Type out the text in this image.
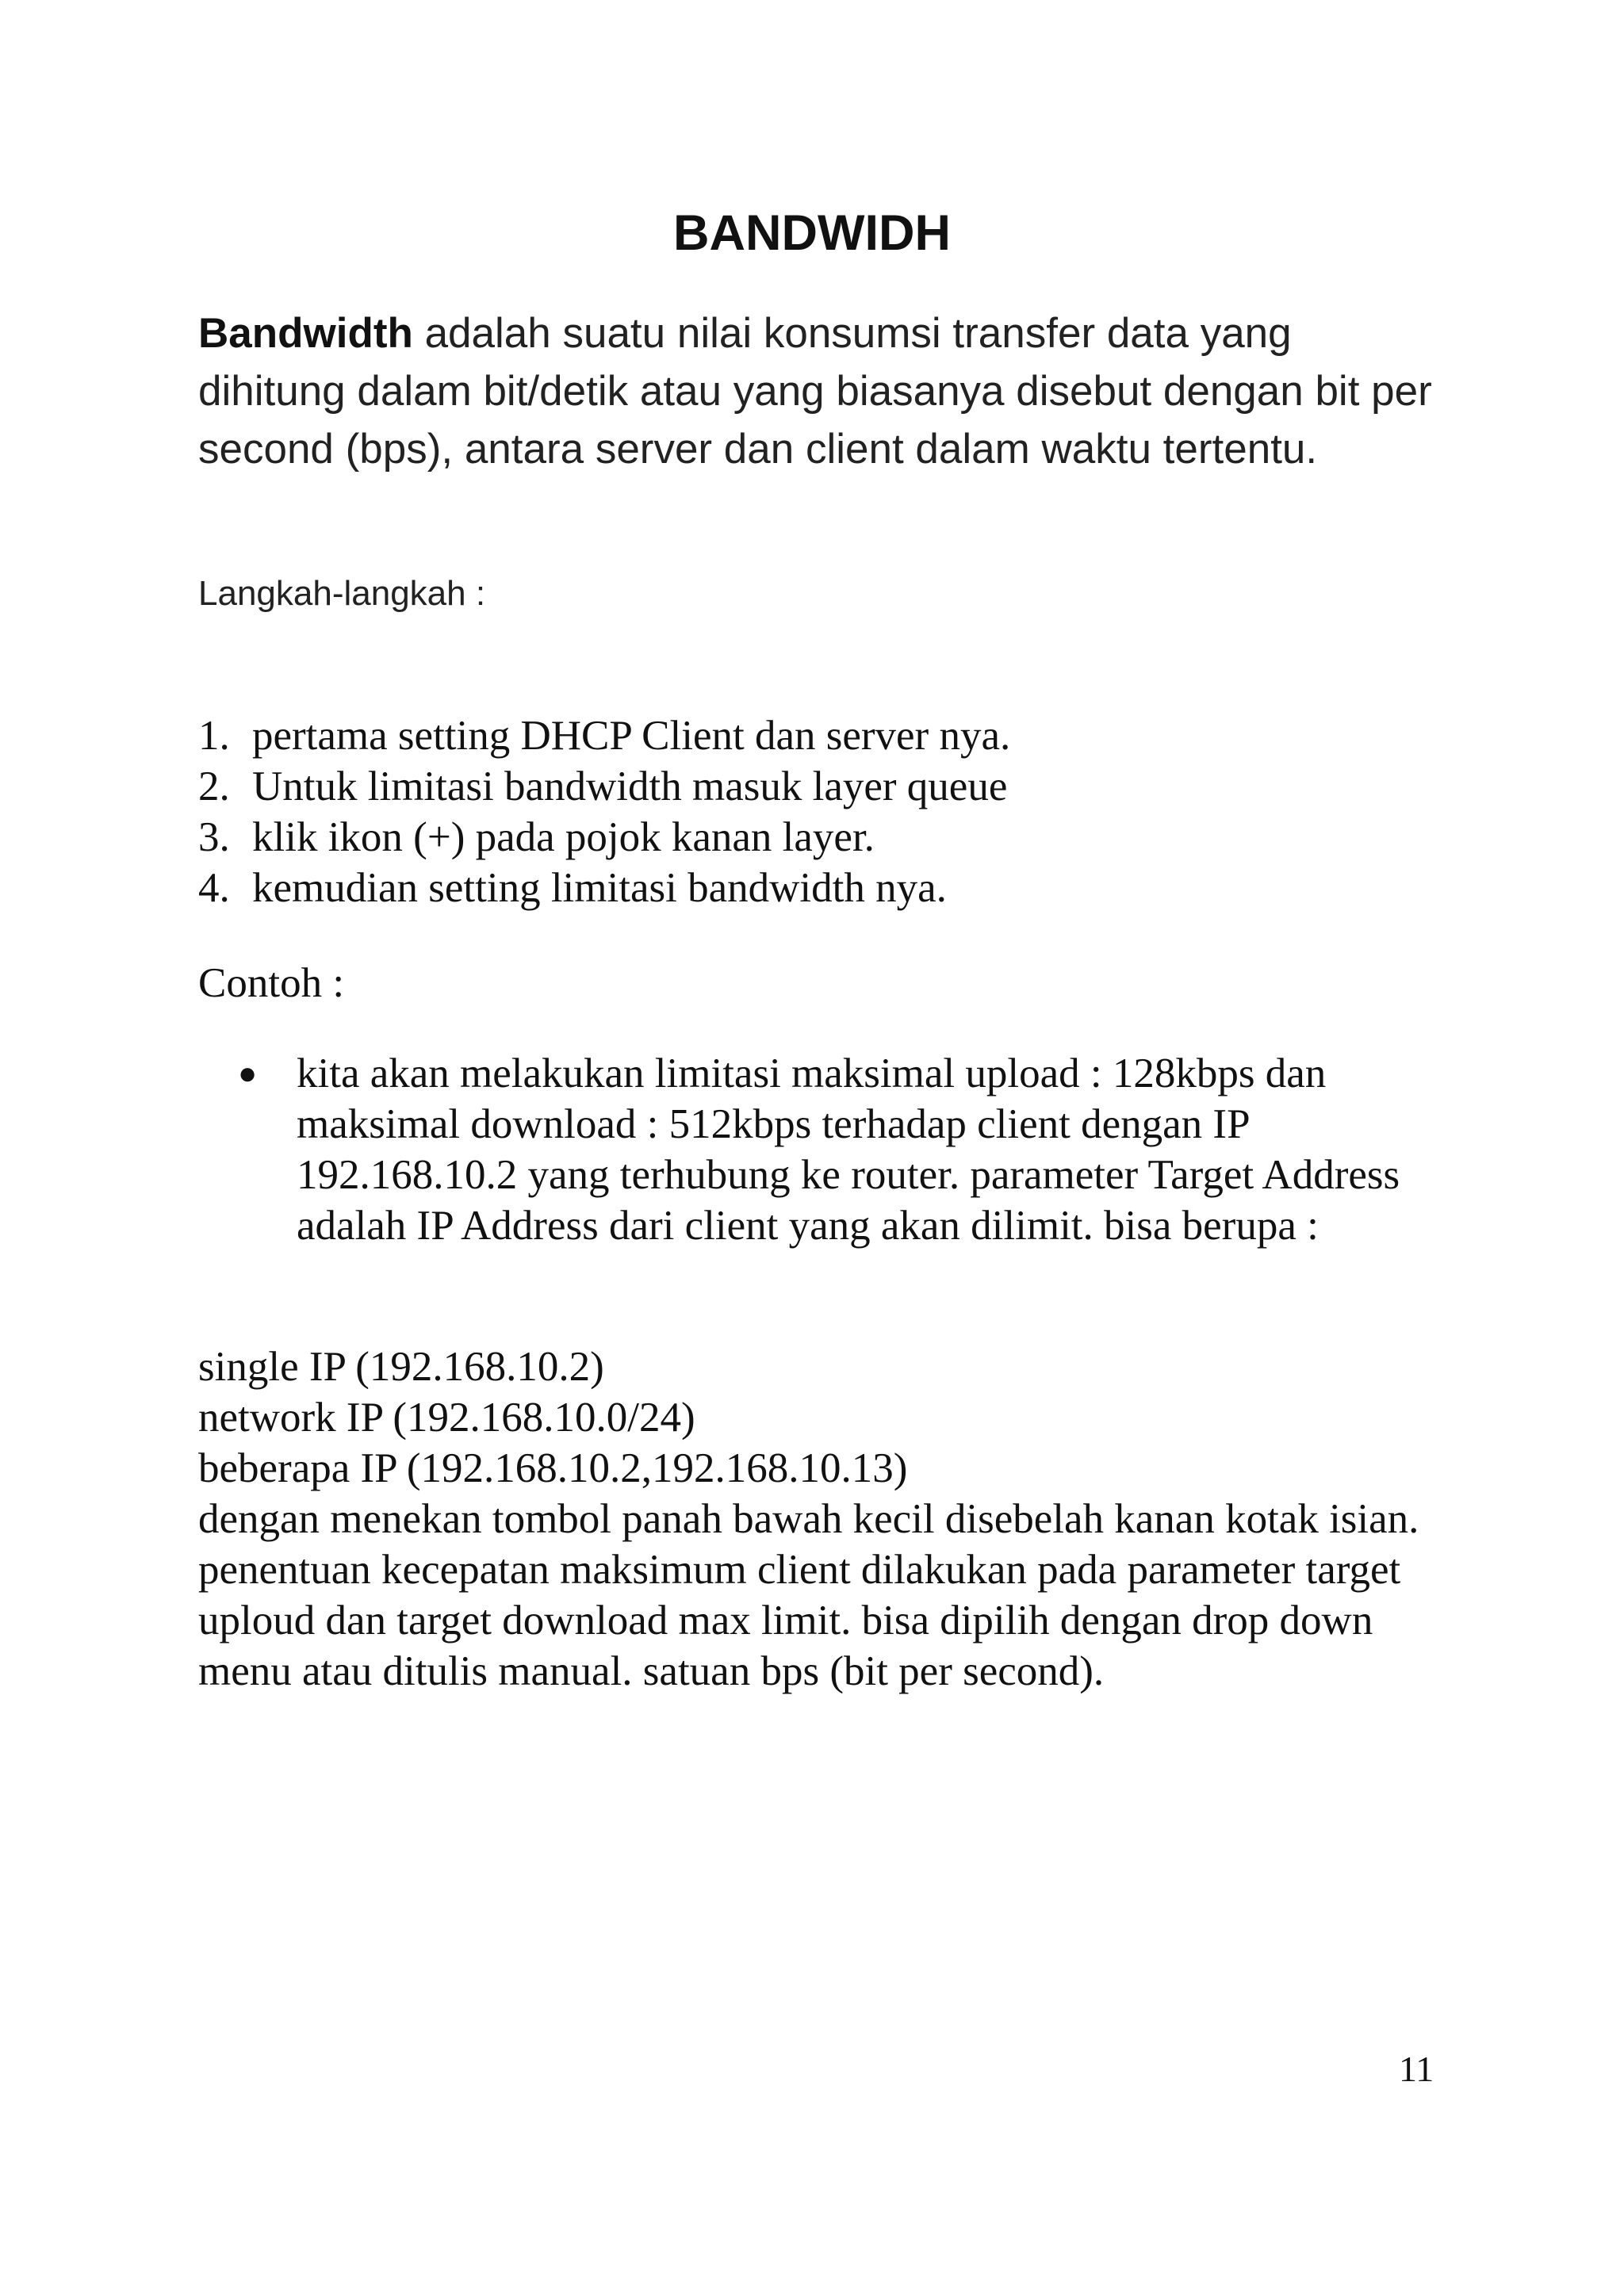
BANDWIDH

Bandwidth adalah suatu nilai konsumsi transfer data yang dihitung dalam bit/detik atau yang biasanya disebut dengan bit per second (bps), antara server dan client dalam waktu tertentu.

Langkah-langkah :

1. pertama setting DHCP Client dan server nya.
2. Untuk limitasi bandwidth masuk layer queue
3. klik ikon (+) pada pojok kanan layer.
4. kemudian setting limitasi bandwidth nya.

Contoh :

● kita akan melakukan limitasi maksimal upload : 128kbps dan maksimal download : 512kbps terhadap client dengan IP 192.168.10.2 yang terhubung ke router. parameter Target Address adalah IP Address dari client yang akan dilimit. bisa berupa :
single IP (192.168.10.2)
network IP (192.168.10.0/24)
beberapa IP (192.168.10.2,192.168.10.13)
dengan menekan tombol panah bawah kecil disebelah kanan kotak isian.
penentuan kecepatan maksimum client dilakukan pada parameter target uploud dan target download max limit. bisa dipilih dengan drop down menu atau ditulis manual. satuan bps (bit per second).

11
